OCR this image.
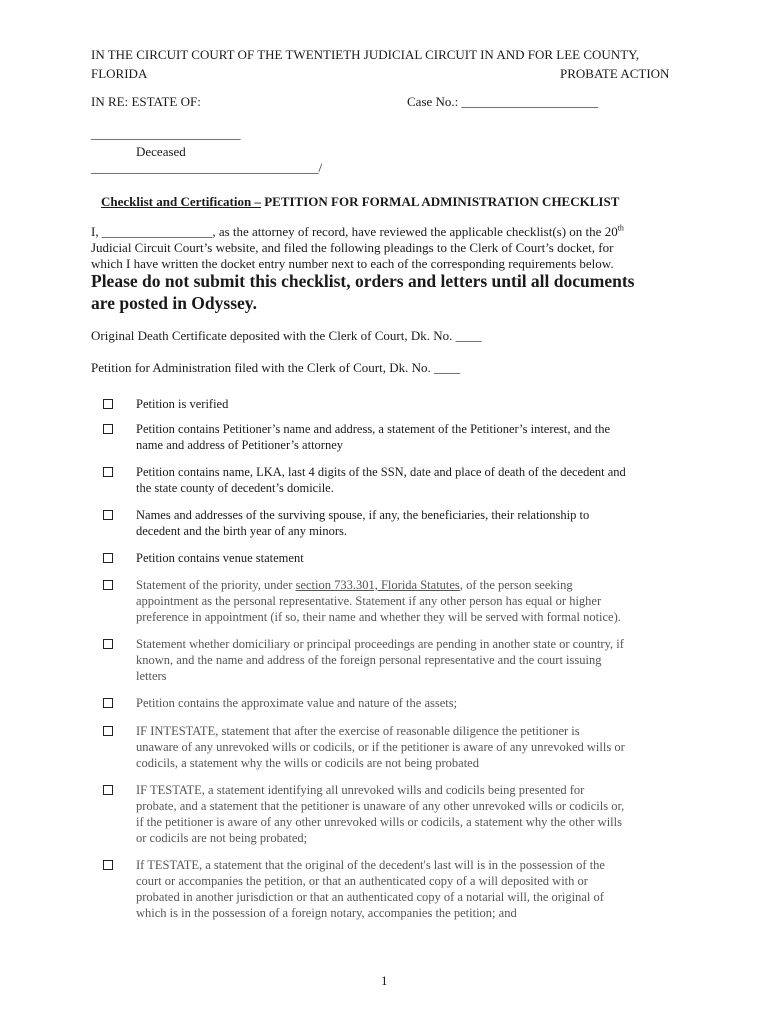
IN THE CIRCUIT COURT OF THE TWENTIETH JUDICIAL CIRCUIT IN AND FOR LEE COUNTY,
FLORIDA	PROBATE ACTION
IN RE: ESTATE OF:	Case No.: _____________________
_______________________
Deceased
___________________________________/
Checklist and Certification – PETITION FOR FORMAL ADMINISTRATION CHECKLIST
I, _________________, as the attorney of record, have reviewed the applicable checklist(s) on the 20th
Judicial Circuit Court’s website, and filed the following pleadings to the Clerk of Court’s docket, for
which I have written the docket entry number next to each of the corresponding requirements below.
Please do not submit this checklist, orders and letters until all documents
are posted in Odyssey.
Original Death Certificate deposited with the Clerk of Court, Dk. No. ____
Petition for Administration filed with the Clerk of Court, Dk. No. ____
Petition is verified
Petition contains Petitioner’s name and address, a statement of the Petitioner’s interest, and the
name and address of Petitioner’s attorney
Petition contains name, LKA, last 4 digits of the SSN, date and place of death of the decedent and
the state county of decedent’s domicile.
Names and addresses of the surviving spouse, if any, the beneficiaries, their relationship to
decedent and the birth year of any minors.
Petition contains venue statement
Statement of the priority, under section 733.301, Florida Statutes, of the person seeking
appointment as the personal representative. Statement if any other person has equal or higher
preference in appointment (if so, their name and whether they will be served with formal notice).
Statement whether domiciliary or principal proceedings are pending in another state or country, if
known, and the name and address of the foreign personal representative and the court issuing
letters
Petition contains the approximate value and nature of the assets;
IF INTESTATE, statement that after the exercise of reasonable diligence the petitioner is
unaware of any unrevoked wills or codicils, or if the petitioner is aware of any unrevoked wills or
codicils, a statement why the wills or codicils are not being probated
IF TESTATE, a statement identifying all unrevoked wills and codicils being presented for
probate, and a statement that the petitioner is unaware of any other unrevoked wills or codicils or,
if the petitioner is aware of any other unrevoked wills or codicils, a statement why the other wills
or codicils are not being probated;
If TESTATE, a statement that the original of the decedent's last will is in the possession of the
court or accompanies the petition, or that an authenticated copy of a will deposited with or
probated in another jurisdiction or that an authenticated copy of a notarial will, the original of
which is in the possession of a foreign notary, accompanies the petition; and
1
